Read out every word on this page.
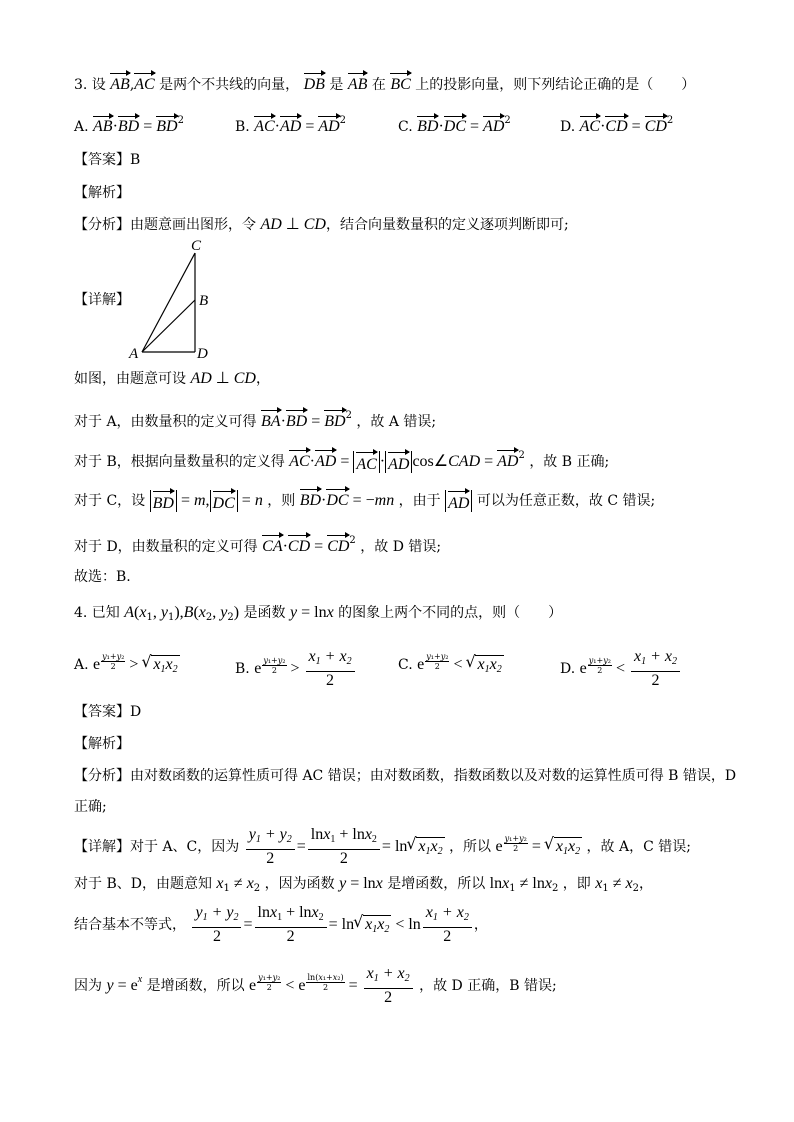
3. 设 AB,AC 是两个不共线的向量， DB 是 AB 在 BC 上的投影向量，则下列结论正确的是（　　）
A. $AB\cdot BD = BD^2$	B. $AC\cdot AD = AD^2$	C. $BD\cdot DC = AD^2$	D. $AC\cdot CD = CD^2$
【答案】B
【解析】
【分析】由题意画出图形，令 AD ⊥ CD，结合向量数量积的定义逐项判断即可;
【详解】
C
B
A	D
如图，由题意可设 AD ⊥ CD，
对于 A，由数量积的定义可得 $BA\cdot BD = BD^2$ ，故 A 错误;
对于 B，根据向量数量积的定义得 AC·AD = AC · AD cos∠CAD = $AD^2$ ，故 B 正确;
对于 C，设 BD = m, DC = n ，则 BD·DC = −mn ，由于 AD 可以为任意正数，故 C 错误;
对于 D，由数量积的定义可得 $CA\cdot CD = CD^2$ ，故 D 错误;
故选：B.
4. 已知 $A(x_1$, $y_1),B(x_2$, $y_2$) 是函数 y = lnx 的图象上两个不同的点，则（　　）
A. e $\frac{\text{y₁+y₂}}{2}$ > √ $x_1x_2$	B. e $\frac{\text{y₁+y₂}}{2} > \frac{x_1 + x_2}{2}$	C. e $\frac{\text{y₁+y₂}}{2}$ < √ $x_1x_2$	D. e $\frac{\text{y₁+y₂}}{2} < \frac{x_1 + x_2}{2}$
【答案】D
【解析】
【分析】由对数函数的运算性质可得 AC 错误；由对数函数，指数函数以及对数的运算性质可得 B 错误，D
正确;
【详解】对于 A、C，因为 $\frac{y_1 + y_2}{2} = \frac{\ln x_1 + \ln x_2}{2} = \ln√$ $x_1x_2$ ，所以 e $\frac{\text{y₁+y₂}}{2}$ = √ $x_1x_2$ ，故 A，C 错误;
对于 B、D，由题意知 $x_1 \ne x_2$ ，因为函数 y = lnx 是增函数，所以 lnx$_1$ ≠ lnx$_2$ ，即 $x_1 \ne x_2$，
结合基本不等式， $\frac{y_1 + y_2}{2} = \frac{\ln x_1 + \ln x_2}{2} = \ln√$ $x_1x_2 < \ln \frac{x_1 + x_2}{2}$ ，
因为 $y = e^x$ 是增函数，所以 e $\frac{\text{y₁+y₂}}{2} < e \frac{\text{ln(x₁+x₂)}}{2} = \frac{x_1 + x_2}{2}$ ，故 D 正确，B 错误;
